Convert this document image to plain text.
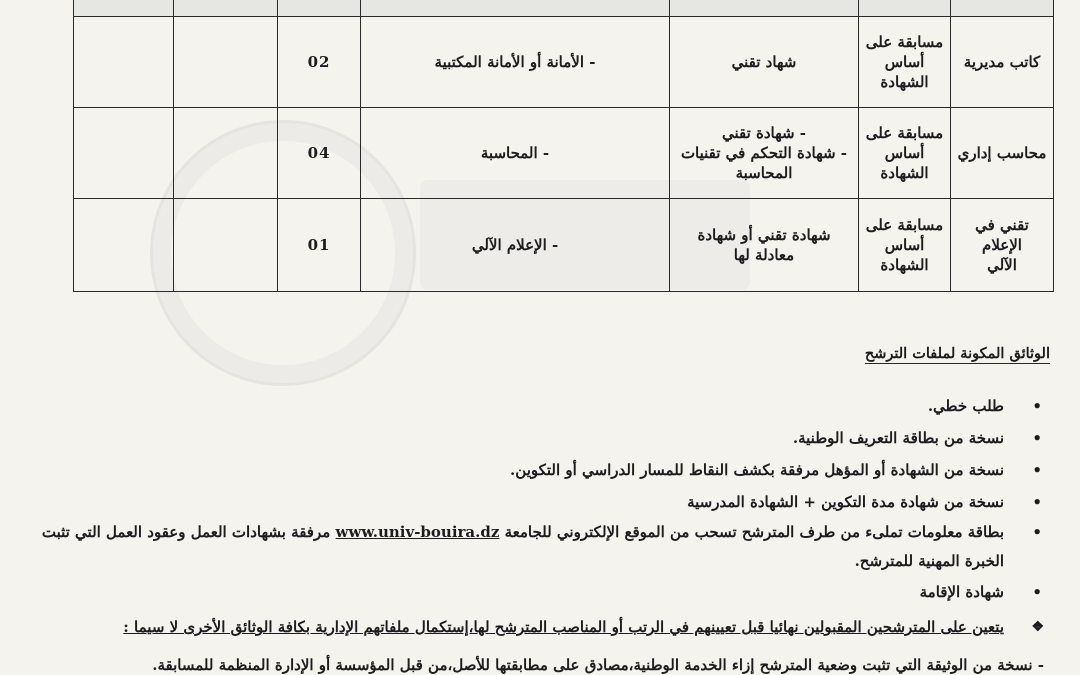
كاتب مديرية	مسابقة على
أساس
الشهادة	شهاد تقني	- الأمانة أو الأمانة المكتبية	02		

محاسب إداري	مسابقة على
أساس
الشهادة	- شهادة تقني
- شهادة التحكم في تقنيات
المحاسبة	- المحاسبة	04		

تقني في الإعلام
الآلي	مسابقة على
أساس
الشهادة	شهادة تقني أو شهادة
معادلة لها	- الإعلام الآلي	01		
الوثائق المكونة لملفات الترشح
• طلب خطي.
• نسخة من بطاقة التعريف الوطنية.
• نسخة من الشهادة أو المؤهل مرفقة بكشف النقاط للمسار الدراسي أو التكوين.
• نسخة من شهادة مدة التكوين + الشهادة المدرسية
• بطاقة معلومات تملىء من طرف المترشح تسحب من الموقع الإلكتروني للجامعة www.univ-bouira.dz مرفقة بشهادات العمل وعقود العمل التي تثبت الخبرة المهنية للمترشح.
• شهادة الإقامة
❖
يتعين على المترشحين المقبولين نهائيا قبل تعيينهم في الرتب أو المناصب المترشح لها،إستكمال ملفاتهم الإدارية بكافة الوثائق الأخرى لا سيما :
- نسخة من الوثيقة التي تثبت وضعية المترشح إزاء الخدمة الوطنية،مصادق على مطابقتها للأصل،من قبل المؤسسة أو الإدارة المنظمة للمسابقة.
